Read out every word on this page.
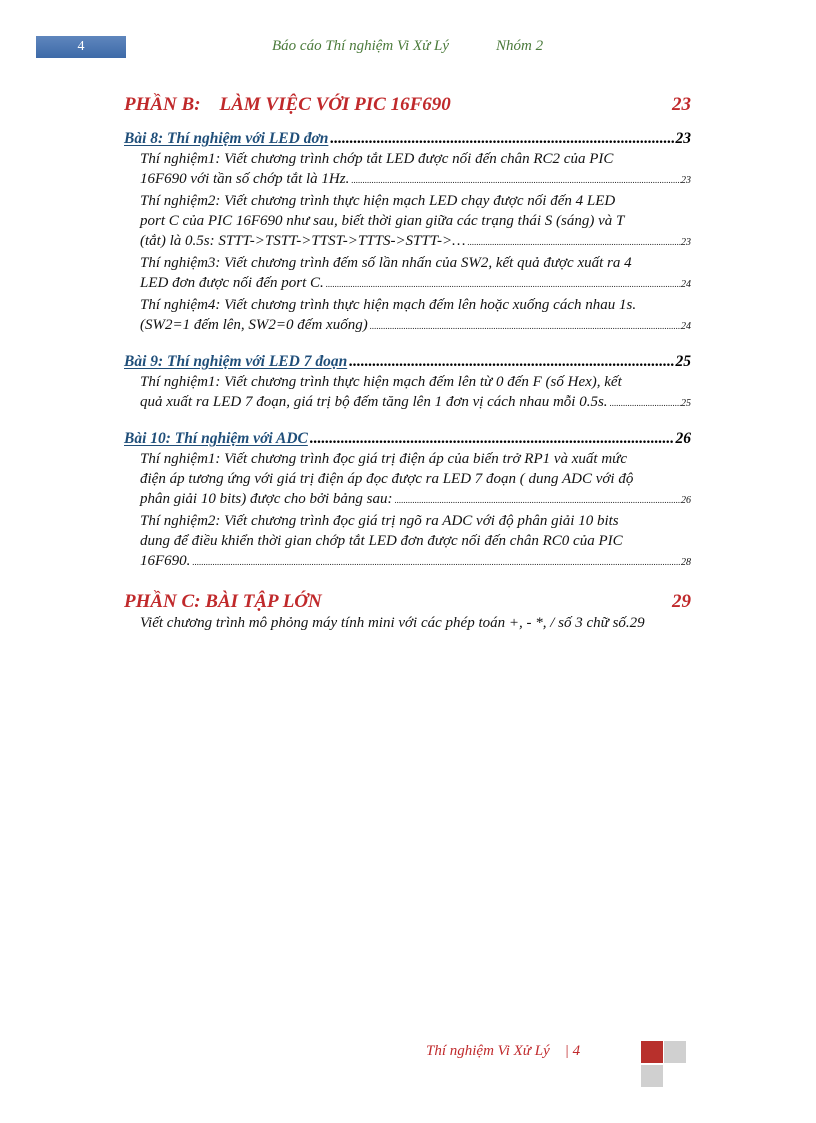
4	Báo cáo Thí nghiệm Vi Xử Lý	Nhóm 2
PHẦN B:    LÀM VIỆC VỚI PIC 16F690	23
Bài 8: Thí nghiệm với LED đơn .....	23
Thí nghiệm1: Viết chương trình chớp tắt LED được nối đến chân RC2 của PIC
16F690 với tần số chớp tắt là 1Hz. .....	23
Thí nghiệm2: Viết chương trình thực hiện mạch LED chạy được nối đến 4 LED
port C của PIC 16F690 như sau, biết thời gian giữa các trạng thái S (sáng) và T
(tắt) là 0.5s: STTT->TSTT->TTST->TTTS->STTT->… .....	23
Thí nghiệm3: Viết chương trình đếm số lần nhấn của SW2, kết quả được xuất ra 4
LED đơn được nối đến port C. .....	24
Thí nghiệm4: Viết chương trình thực hiện mạch đếm lên hoặc xuống cách nhau 1s.
(SW2=1 đếm lên, SW2=0 đếm xuống) .....	24
Bài 9: Thí nghiệm với LED 7 đoạn .....	25
Thí nghiệm1: Viết chương trình thực hiện mạch đếm lên từ 0 đến F (số Hex), kết
quả xuất ra LED 7 đoạn, giá trị bộ đếm tăng lên 1 đơn vị cách nhau mỗi 0.5s. .....	25
Bài 10: Thí nghiệm với ADC .....	26
Thí nghiệm1: Viết chương trình đọc giá trị điện áp của biến trở RP1 và xuất mức
điện áp tương ứng với giá trị điện áp đọc được ra LED 7 đoạn ( dung ADC với độ
phân giải 10 bits) được cho bởi bảng sau: .....	26
Thí nghiệm2: Viết chương trình đọc giá trị ngõ ra ADC với độ phân giải 10 bits
dung để điều khiển thời gian chớp tắt LED đơn được nối đến chân RC0 của PIC
16F690. .....	28
PHẦN C: BÀI TẬP LỚN	29
Viết chương trình mô phỏng máy tính mini với các phép toán +, - *, / số 3 chữ số.29
Thí nghiệm Vi Xử Lý    | 4
